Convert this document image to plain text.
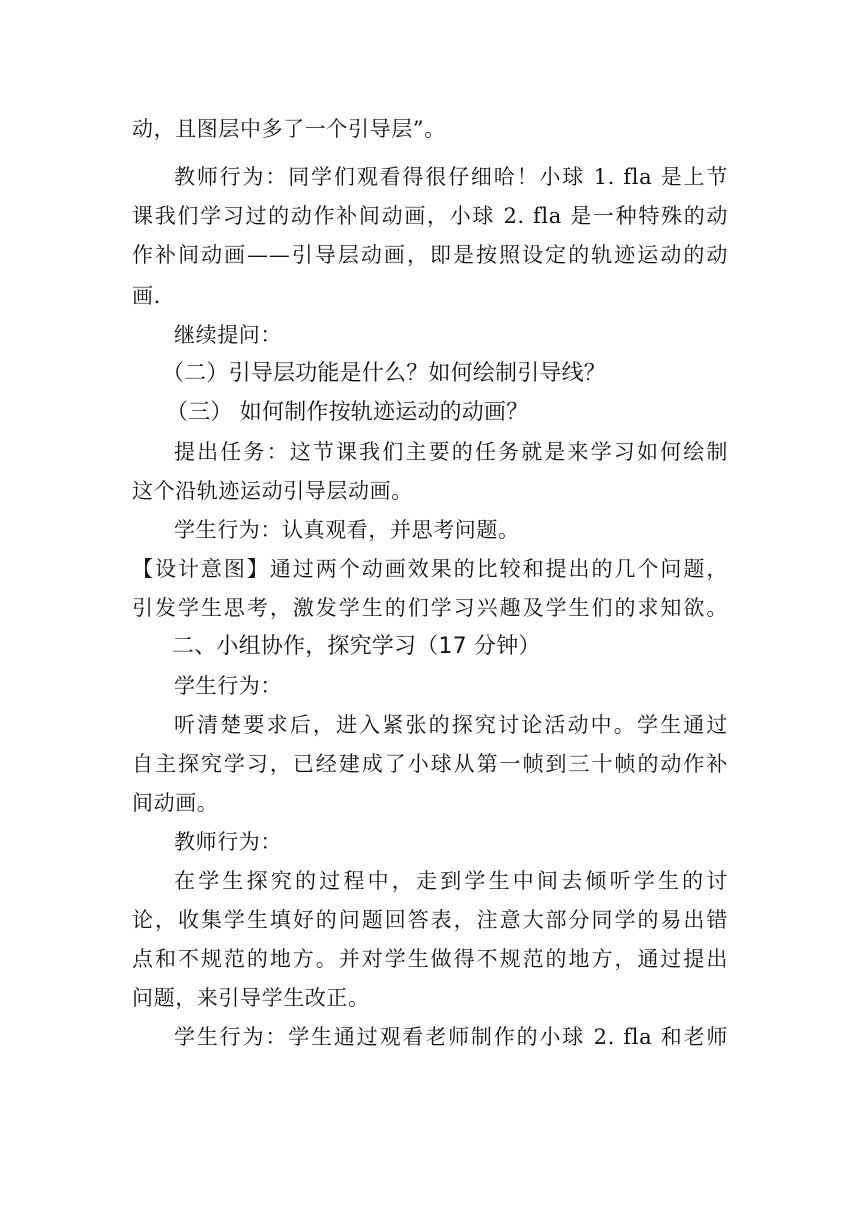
动，且图层中多了一个引导层”。
教师行为：同学们观看得很仔细哈！小球 1. fla 是上节
课我们学习过的动作补间动画，小球 2. fla 是一种特殊的动
作补间动画——引导层动画，即是按照设定的轨迹运动的动
画.
继续提问：
（二）引导层功能是什么？如何绘制引导线？
（三） 如何制作按轨迹运动的动画？
提出任务：这节课我们主要的任务就是来学习如何绘制
这个沿轨迹运动引导层动画。
学生行为：认真观看，并思考问题。
【设计意图】通过两个动画效果的比较和提出的几个问题，
引发学生思考，激发学生的们学习兴趣及学生们的求知欲。
二、小组协作，探究学习（17 分钟）
学生行为：
听清楚要求后，进入紧张的探究讨论活动中。学生通过
自主探究学习，已经建成了小球从第一帧到三十帧的动作补
间动画。
教师行为：
在学生探究的过程中，走到学生中间去倾听学生的讨
论，收集学生填好的问题回答表，注意大部分同学的易出错
点和不规范的地方。并对学生做得不规范的地方，通过提出
问题，来引导学生改正。
学生行为：学生通过观看老师制作的小球 2. fla 和老师
